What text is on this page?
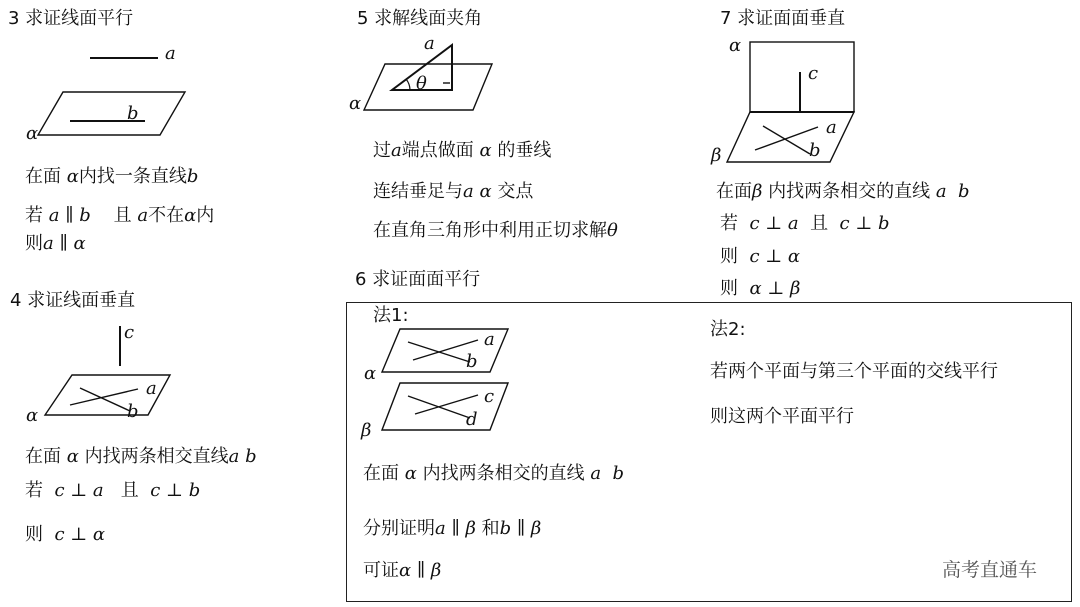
3 求证线面平行
a
b
α
在面 α内找一条直线b
若 a ∥ b    且 a不在α内
则a ∥ α
4 求证线面垂直
c
a
b
α
在面 α 内找两条相交直线a b
若  c ⊥ a   且  c ⊥ b
则  c ⊥ α
5 求解线面夹角
a
θ
α
过a端点做面 α 的垂线
连结垂足与a α 交点
在直角三角形中利用正切求解θ
7 求证面面垂直
α
c
a
b
β
在面β 内找两条相交的直线 a  b
若  c ⊥ a  且  c ⊥ b
则  c ⊥ α
则  α ⊥ β
6 求证面面平行
法1:
a
b
α
c
d
β
在面 α 内找两条相交的直线 a  b
分别证明a ∥ β 和b ∥ β
可证α ∥ β
法2:
若两个平面与第三个平面的交线平行
则这两个平面平行
高考直通车
